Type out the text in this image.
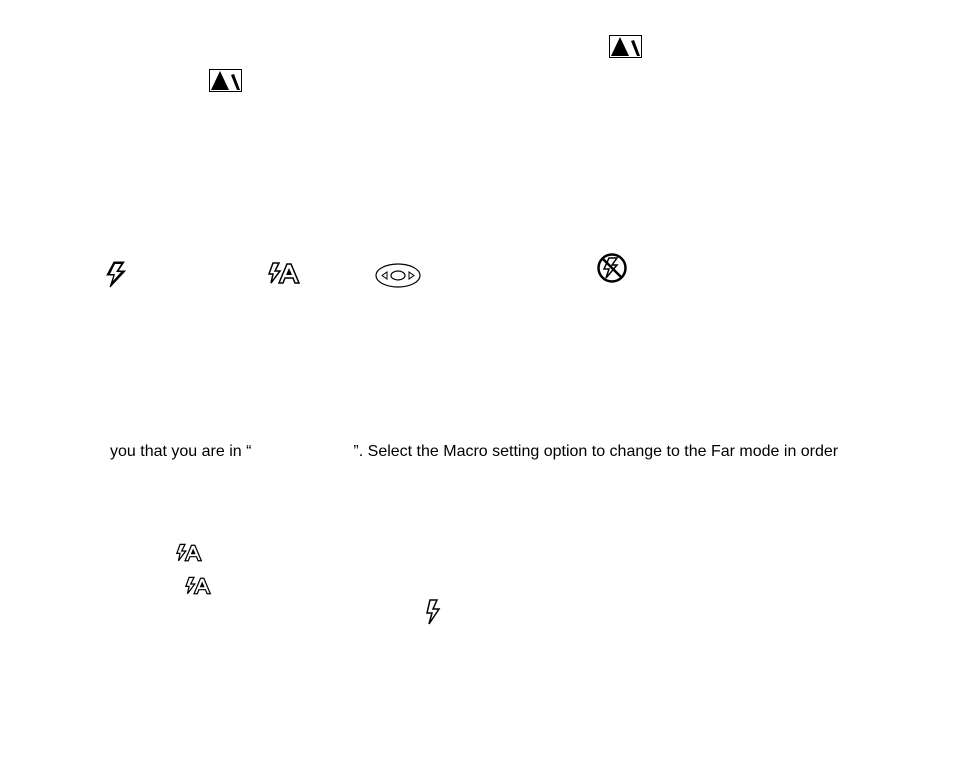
you that you are in “	”. Select the Macro setting option to change to the Far mode in order
